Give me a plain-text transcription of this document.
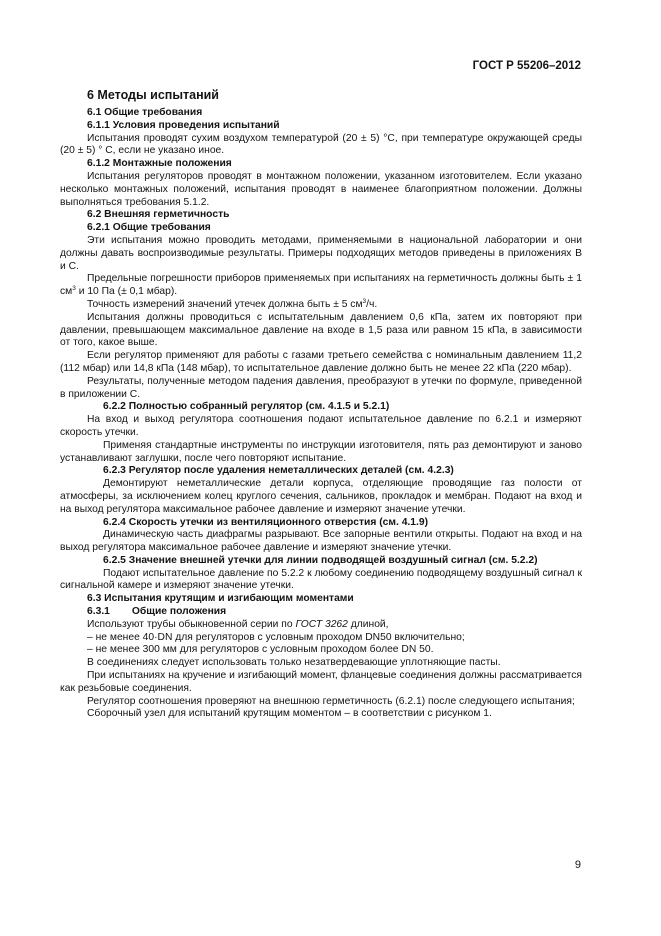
ГОСТ Р 55206–2012
6 Методы испытаний
6.1 Общие требования
6.1.1 Условия проведения испытаний

Испытания проводят сухим воздухом температурой (20 ± 5) °С, при температуре окружающей среды (20 ± 5) ° С, если не указано иное.

6.1.2 Монтажные положения

Испытания регуляторов проводят в монтажном положении, указанном изготовителем. Если указано несколько монтажных положений, испытания проводят в наименее благоприятном положении. Должны выполняться требования 5.1.2.

6.2 Внешняя герметичность
6.2.1 Общие требования

Эти испытания можно проводить методами, применяемыми в национальной лаборатории и они должны давать воспроизводимые результаты. Примеры подходящих методов приведены в приложениях В и С.

Предельные погрешности приборов применяемых при испытаниях на герметичность должны быть ± 1 $см^3$ и 10 Па (± 0,1 мбар).

Точность измерений значений утечек должна быть ± 5 $см^3/ч$.

Испытания должны проводиться с испытательным давлением 0,6 кПа, затем их повторяют при давлении, превышающем максимальное давление на входе в 1,5 раза или равном 15 кПа, в зависимости от того, какое выше.

Если регулятор применяют для работы с газами третьего семейства с номинальным давлением 11,2 (112 мбар) или 14,8 кПа (148 мбар), то испытательное давление должно быть не менее 22 кПа (220 мбар).

Результаты, полученные методом падения давления, преобразуют в утечки по формуле, приведенной в приложении С.

6.2.2 Полностью собранный регулятор (см. 4.1.5 и 5.2.1)

На вход и выход регулятора соотношения подают испытательное давление по 6.2.1 и измеряют скорость утечки.

Применяя стандартные инструменты по инструкции изготовителя, пять раз демонтируют и заново устанавливают заглушки, после чего повторяют испытание.

6.2.3 Регулятор после удаления неметаллических деталей (см. 4.2.3)

Демонтируют неметаллические детали корпуса, отделяющие проводящие газ полости от атмосферы, за исключением колец круглого сечения, сальников, прокладок и мембран. Подают на вход и на выход регулятора максимальное рабочее давление и измеряют значение утечки.

6.2.4 Скорость утечки из вентиляционного отверстия (см. 4.1.9)

Динамическую часть диафрагмы разрывают. Все запорные вентили открыты. Подают на вход и на выход регулятора максимальное рабочее давление и измеряют значение утечки.

6.2.5 Значение внешней утечки для линии подводящей воздушный сигнал (см. 5.2.2)

Подают испытательное давление по 5.2.2 к любому соединению подводящему воздушный сигнал к сигнальной камере и измеряют значение утечки.

6.3 Испытания крутящим и изгибающим моментами
6.3.1 Общие положения

Используют трубы обыкновенной серии по ГОСТ 3262 длиной,

– не менее 40·DN для регуляторов с условным проходом DN50 включительно;

– не менее 300 мм для регуляторов с условным проходом более DN 50.

В соединениях следует использовать только незатвердевающие уплотняющие пасты.

При испытаниях на кручение и изгибающий момент, фланцевые соединения должны рассматривается как резьбовые соединения.

Регулятор соотношения проверяют на внешнюю герметичность (6.2.1) после следующего испытания;

Сборочный узел для испытаний крутящим моментом – в соответствии с рисунком 1.

9
